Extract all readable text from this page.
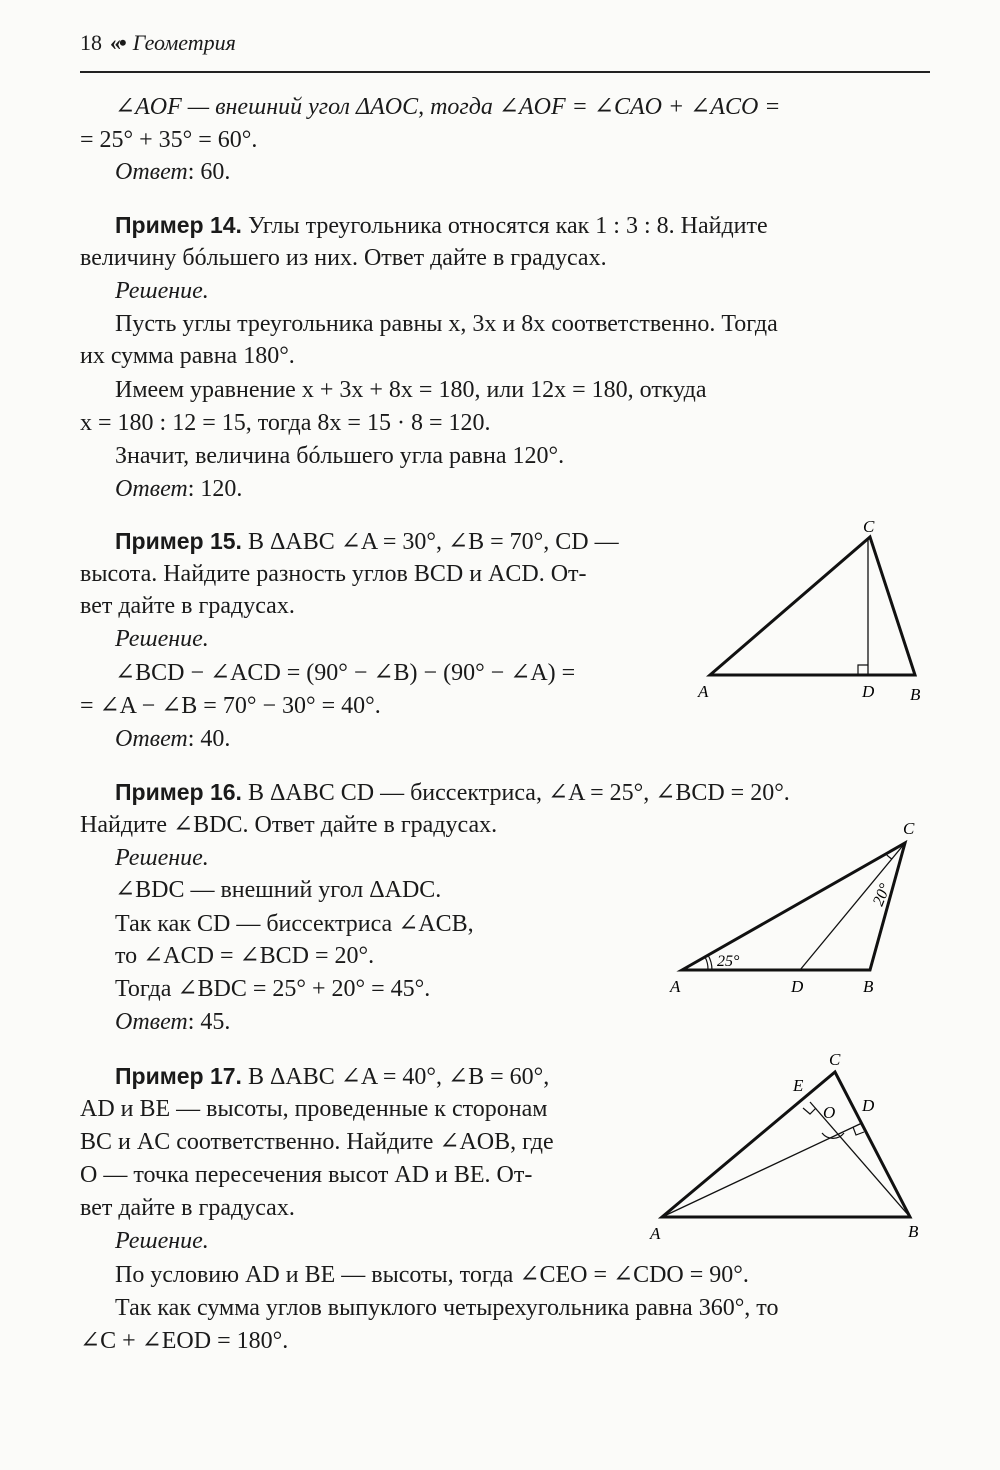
18 «• Геометрия
∠AOF — внешний угол ΔAOC, тогда ∠AOF = ∠CAO + ∠ACO =
= 25° + 35° = 60°.
Ответ: 60.
Пример 14. Углы треугольника относятся как 1 : 3 : 8. Найдите
величину бóльшего из них. Ответ дайте в градусах.
Решение.
Пусть углы треугольника равны x, 3x и 8x соответственно. Тогда
их сумма равна 180°.
Имеем уравнение x + 3x + 8x = 180, или 12x = 180, откуда
x = 180 : 12 = 15, тогда 8x = 15 · 8 = 120.
Значит, величина бóльшего угла равна 120°.
Ответ: 120.
Пример 15. В ΔABC ∠A = 30°, ∠B = 70°, CD —
высота. Найдите разность углов BCD и ACD. От-
вет дайте в градусах.
Решение.
∠BCD − ∠ACD = (90° − ∠B) − (90° − ∠A) =
= ∠A − ∠B = 70° − 30° = 40°.
Ответ: 40.
A
C
D B
Пример 16. В ΔABC CD — биссектриса, ∠A = 25°, ∠BCD = 20°.
Найдите ∠BDC. Ответ дайте в градусах.
Решение.
∠BDC — внешний угол ΔADC.
Так как CD — биссектриса ∠ACB,
то ∠ACD = ∠BCD = 20°.
Тогда ∠BDC = 25° + 20° = 45°.
Ответ: 45.
25°
20°
A
C
D	B
Пример 17. В ΔABC ∠A = 40°, ∠B = 60°,
AD и BE — высоты, проведенные к сторонам
BC и AC соответственно. Найдите ∠AOB, где
O — точка пересечения высот AD и BE. От-
вет дайте в градусах.
Решение.
По условию AD и BE — высоты, тогда ∠CEO = ∠CDO = 90°.
Так как сумма углов выпуклого четырехугольника равна 360°, то
∠C + ∠EOD = 180°.
A
C
E
O D
B
